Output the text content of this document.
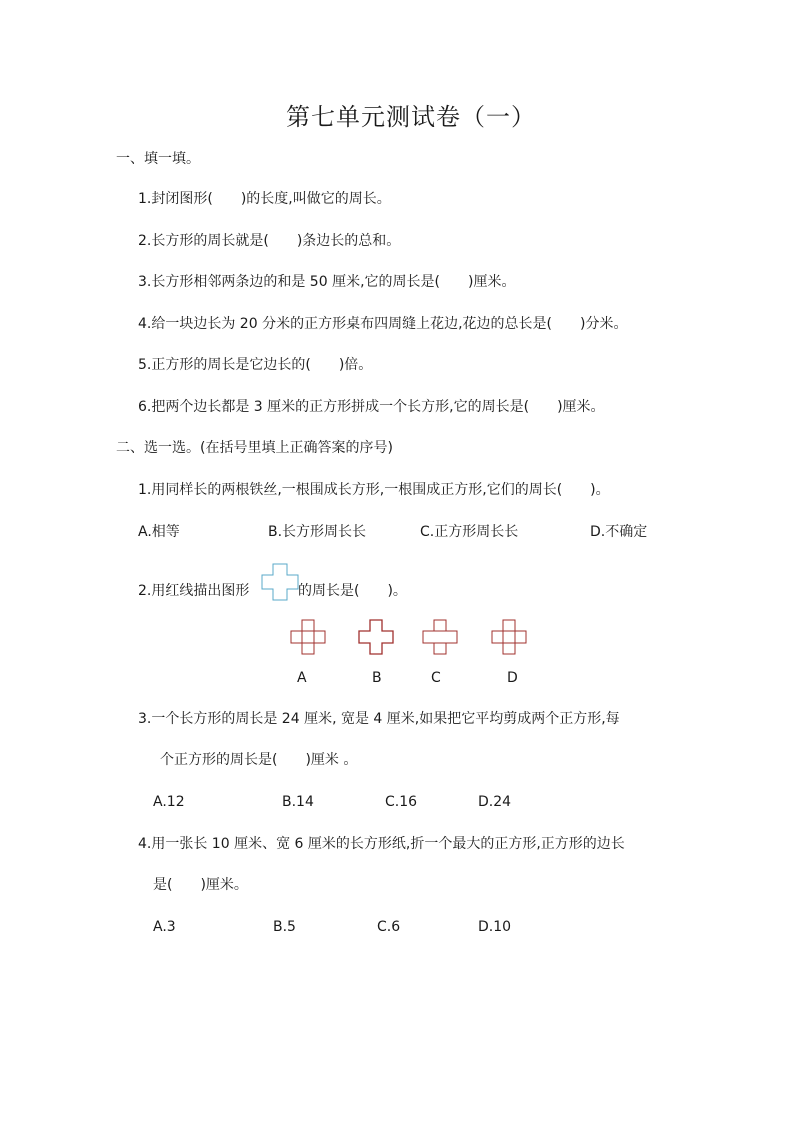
第七单元测试卷（一）
一、填一填。
1.封闭图形(　　)的长度,叫做它的周长。
2.长方形的周长就是(　　)条边长的总和。
3.长方形相邻两条边的和是 50 厘米,它的周长是(　　)厘米。
4.给一块边长为 20 分米的正方形桌布四周缝上花边,花边的总长是(　　)分米。
5.正方形的周长是它边长的(　　)倍。
6.把两个边长都是 3 厘米的正方形拼成一个长方形,它的周长是(　　)厘米。
二、选一选。(在括号里填上正确答案的序号)
1.用同样长的两根铁丝,一根围成长方形,一根围成正方形,它们的周长(　　)。
A.相等	B.长方形周长长	C.正方形周长长	D.不确定
2.用红线描出图形	的周长是(　　)。
A	B	C	D
3.一个长方形的周长是 24 厘米, 宽是 4 厘米,如果把它平均剪成两个正方形,每
个正方形的周长是(　　)厘米 。
A.12	B.14	C.16	D.24
4.用一张长 10 厘米、宽 6 厘米的长方形纸,折一个最大的正方形,正方形的边长
是(　　)厘米。
A.3	B.5	C.6	D.10
